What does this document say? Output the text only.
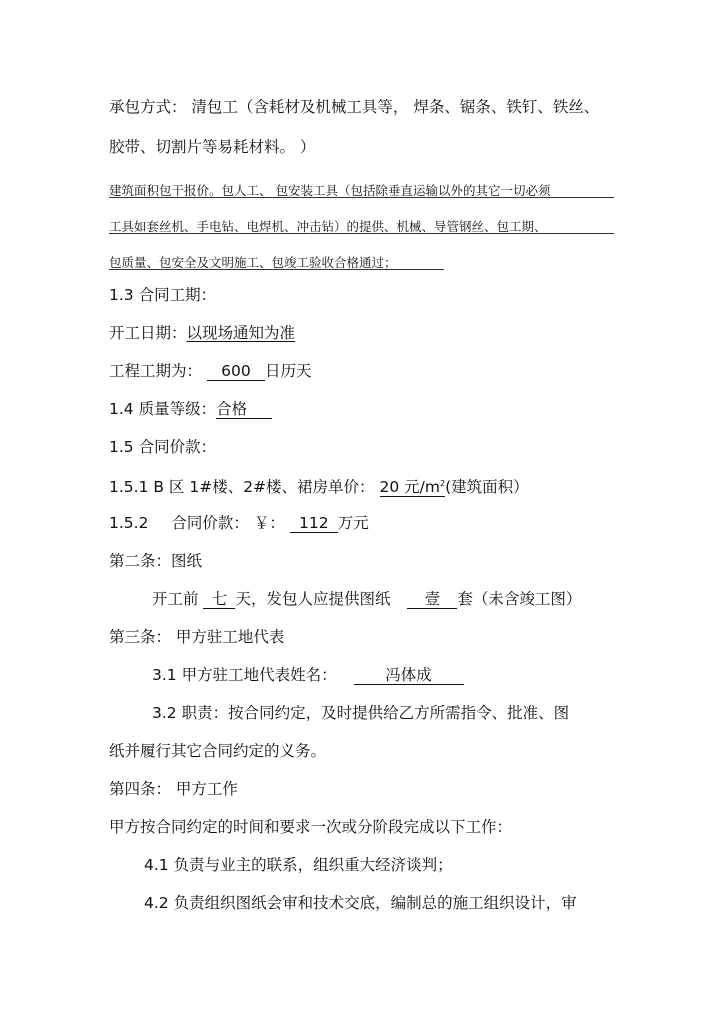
承包方式： 清包工（含耗材及机械工具等， 焊条、锯条、铁钉、铁丝、
胶带、切割片等易耗材料。 ）
建筑面积包干报价。包人工、 包安装工具（包括除垂直运输以外的其它一切必须
工具如套丝机、手电钻、电焊机、冲击钻）的提供、机械、导管钢丝、包工期、
包质量、包安全及文明施工、包竣工验收合格通过；
1.3 合同工期：
开工日期：以现场通知为准
工程工期为： 600 日历天
1.4 质量等级：合格
1.5 合同价款：
1.5.1 B 区 1#楼、2#楼、裙房单价： 20 元$/m^2$(建筑面积）
1.5.2 合同价款： ￥： 112 万元
第二条：图纸
开工前 七 天，发包人应提供图纸 壹 套（未含竣工图）
第三条： 甲方驻工地代表
3.1 甲方驻工地代表姓名：	冯体成
3.2 职责：按合同约定，及时提供给乙方所需指令、批准、图
纸并履行其它合同约定的义务。
第四条： 甲方工作
甲方按合同约定的时间和要求一次或分阶段完成以下工作：
4.1 负责与业主的联系，组织重大经济谈判；
4.2 负责组织图纸会审和技术交底，编制总的施工组织设计，审
